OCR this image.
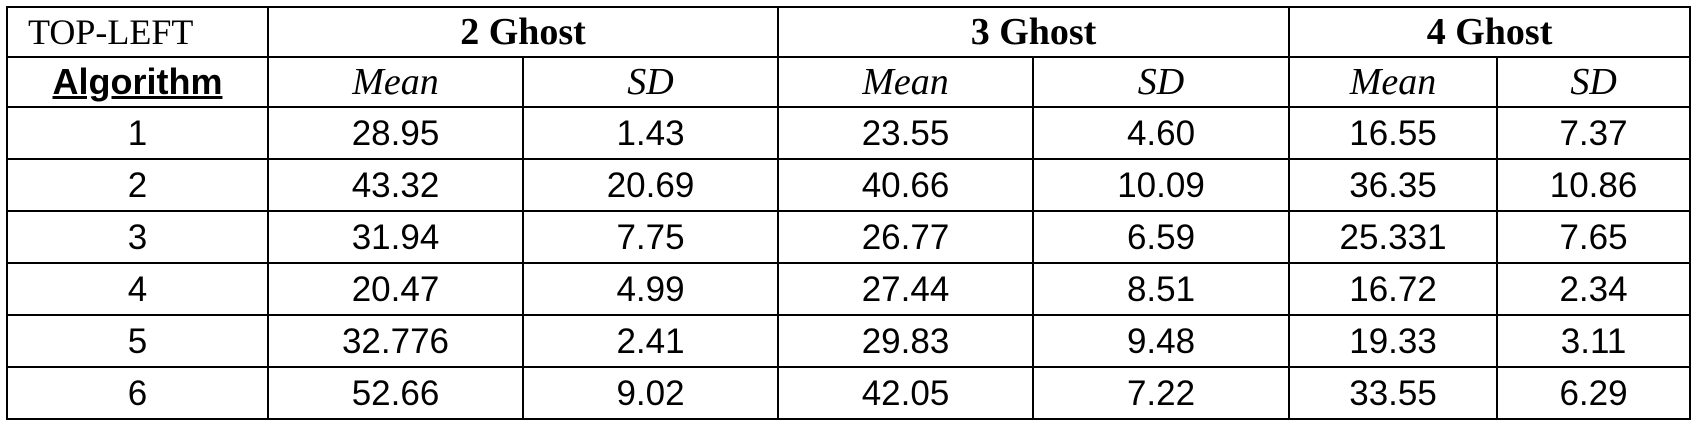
TOP-LEFT	2 Ghost		3 Ghost		4 Ghost	
Algorithm	Mean	SD	Mean	SD	Mean	SD
1	28.95	1.43	23.55	4.60	16.55	7.37
2	43.32	20.69	40.66	10.09	36.35	10.86
3	31.94	7.75	26.77	6.59	25.331	7.65
4	20.47	4.99	27.44	8.51	16.72	2.34
5	32.776	2.41	29.83	9.48	19.33	3.11
6	52.66	9.02	42.05	7.22	33.55	6.29
